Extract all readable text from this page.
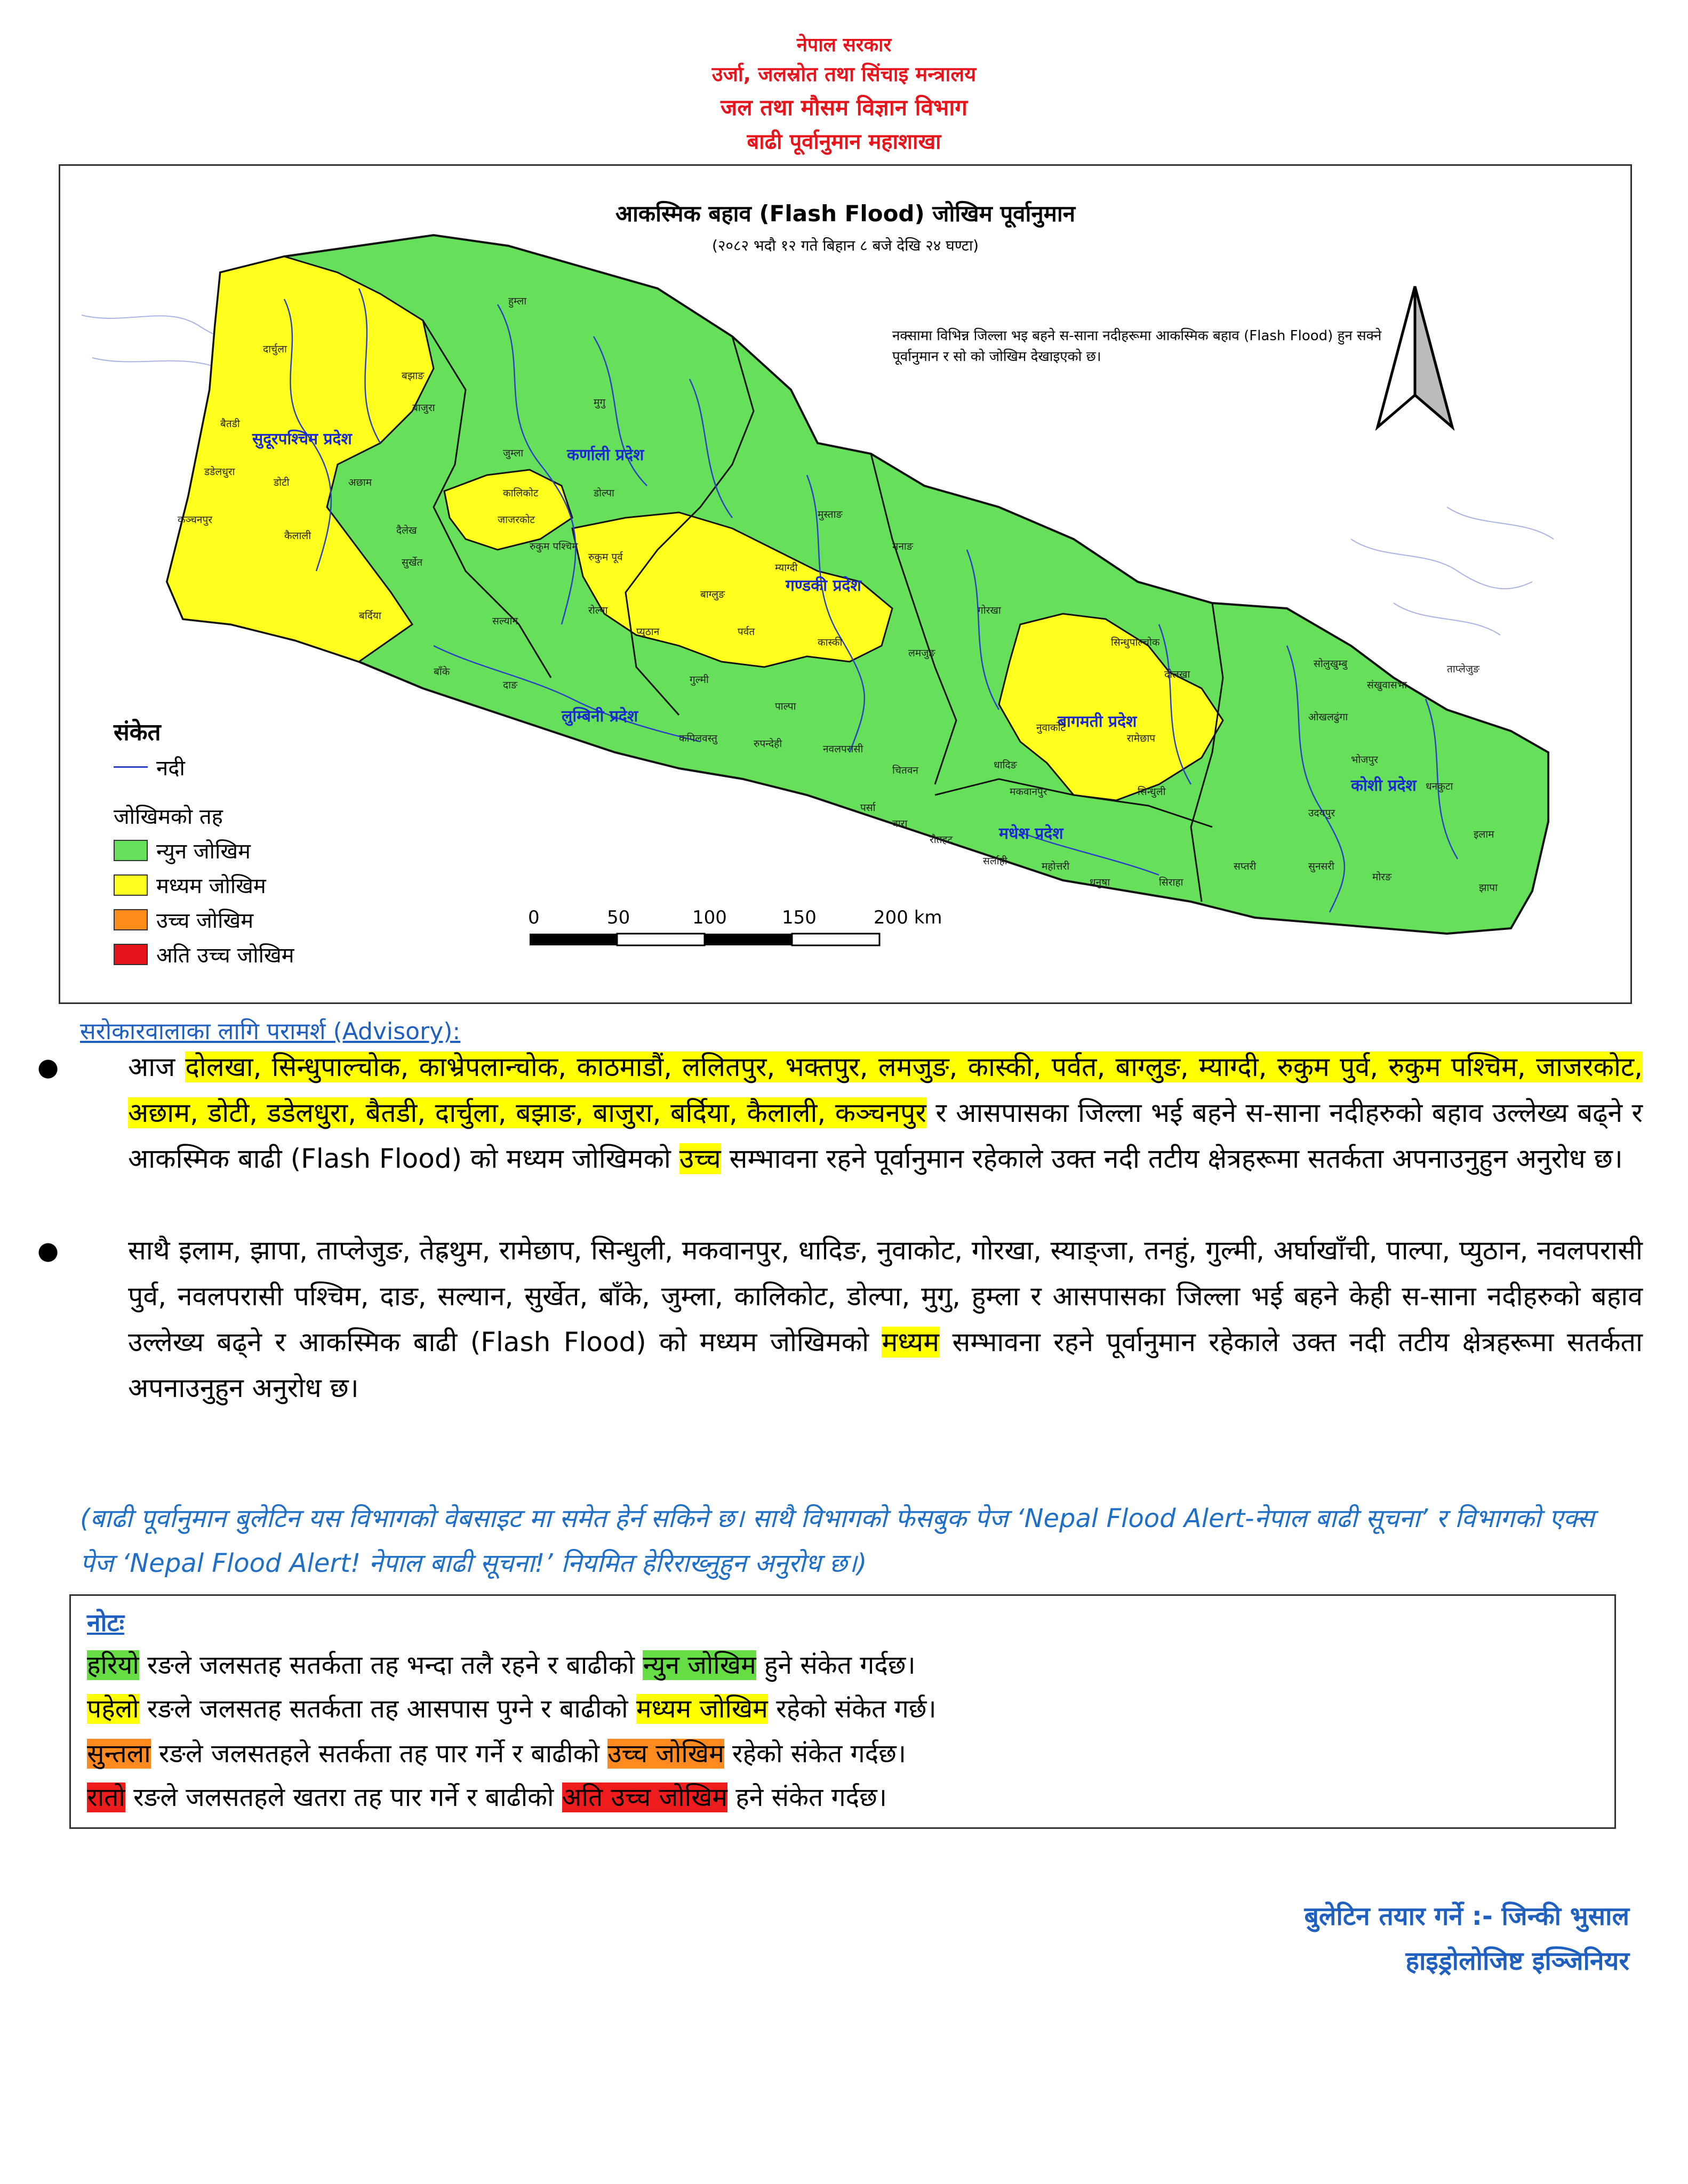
नेपाल सरकार
उर्जा, जलस्रोत तथा सिंचाइ मन्त्रालय
जल तथा मौसम विज्ञान विभाग
बाढी पूर्वानुमान महाशाखा
आकस्मिक बहाव (Flash Flood) जोखिम पूर्वानुमान
(२०८२ भदौ १२ गते बिहान ८ बजे देखि २४ घण्टा)
नक्सामा विभिन्न जिल्ला भइ बहने स-साना नदीहरूमा आकस्मिक बहाव (Flash Flood) हुन सक्ने पूर्वानुमान र सो को जोखिम देखाइएको छ।
सुदूरपश्चिम प्रदेश
कर्णाली प्रदेश
गण्डकी प्रदेश
लुम्बिनी प्रदेश	बागमती प्रदेश
कोशी प्रदेश
मधेश प्रदेश
हुम्ला
दार्चुला
बैतडी
बझाङ
बाजुरा
डडेलधुरा
डोटी	अछाम
कञ्चनपुर
कैलाली
मुगु
जुम्ला
डोल्पा
कालिकोट
दैलेख
सुर्खेत
जाजरकोट
रुकुम पश्चिम
रुकुम पूर्व
बर्दिया	सल्यान
बाँके
दाङ
रोल्पा
प्युठान
मुस्ताङ
म्याग्दी
मनाङ
कास्की
लमजुङ
गोरखा
बाग्लुङ
पर्वत
गुल्मी
पाल्पा
कपिलवस्तु	रुपन्देही	नवलपरासी
सिन्धुपाल्चोक
दोलखा
रामेछाप
नुवाकोट
धादिङ
चितवन
मकवानपुर	सिन्धुली
सोलुखुम्बु
संखुवासभा
ताप्लेजुङ
ओखलढुंगा
भोजपुर
उदयपुर
धनकुटा
इलाम
झापा
मोरङ
सुनसरी
सप्तरी
सिराहा
धनुषा
महोत्तरी
सर्लाही
रौतहट
बारा
पर्सा
संकेत
नदी
जोखिमको तह
न्युन जोखिम
मध्यम जोखिम
उच्च जोखिम
अति उच्च जोखिम
0	50	100	150	200 km
सरोकारवालाका लागि परामर्श (Advisory):
●	आज दोलखा, सिन्धुपाल्चोक, काभ्रेपलान्चोक, काठमाडौं, ललितपुर, भक्तपुर, लमजुङ, कास्की, पर्वत, बाग्लुङ, म्याग्दी, रुकुम पुर्व, रुकुम पश्चिम, जाजरकोट, अछाम, डोटी, डडेलधुरा, बैतडी, दार्चुला, बझाङ, बाजुरा, बर्दिया, कैलाली, कञ्चनपुर र आसपासका जिल्ला भई बहने स-साना नदीहरुको बहाव उल्लेख्य बढ्ने र आकस्मिक बाढी (Flash Flood) को मध्यम जोखिमको उच्च सम्भावना रहने पूर्वानुमान रहेकाले उक्त नदी तटीय क्षेत्रहरूमा सतर्कता अपनाउनुहुन अनुरोध छ।
●	साथै इलाम, झापा, ताप्लेजुङ, तेह्रथुम, रामेछाप, सिन्धुली, मकवानपुर, धादिङ, नुवाकोट, गोरखा, स्याङ्जा, तनहुं, गुल्मी, अर्घाखाँची, पाल्पा, प्युठान, नवलपरासी पुर्व, नवलपरासी पश्चिम, दाङ, सल्यान, सुर्खेत, बाँके, जुम्ला, कालिकोट, डोल्पा, मुगु, हुम्ला र आसपासका जिल्ला भई बहने केही स-साना नदीहरुको बहाव उल्लेख्य बढ्ने र आकस्मिक बाढी (Flash Flood) को मध्यम जोखिमको मध्यम सम्भावना रहने पूर्वानुमान रहेकाले उक्त नदी तटीय क्षेत्रहरूमा सतर्कता अपनाउनुहुन अनुरोध छ।
(बाढी पूर्वानुमान बुलेटिन यस विभागको वेबसाइट मा समेत हेर्न सकिने छ। साथै विभागको फेसबुक पेज ‘Nepal Flood Alert-नेपाल बाढी सूचना’ र विभागको एक्स पेज ‘Nepal Flood Alert! नेपाल बाढी सूचना!’ नियमित हेरिराख्नुहुन अनुरोध छ।)
नोटः
हरियो रङले जलसतह सतर्कता तह भन्दा तलै रहने र बाढीको न्युन जोखिम हुने संकेत गर्दछ।
पहेलो रङले जलसतह सतर्कता तह आसपास पुग्ने र बाढीको मध्यम जोखिम रहेको संकेत गर्छ।
सुन्तला रङले जलसतहले सतर्कता तह पार गर्ने र बाढीको उच्च जोखिम रहेको संकेत गर्दछ।
रातो रङले जलसतहले खतरा तह पार गर्ने र बाढीको अति उच्च जोखिम हने संकेत गर्दछ।
बुलेटिन तयार गर्ने :- जिन्की भुसाल
हाइड्रोलोजिष्ट इञ्जिनियर
